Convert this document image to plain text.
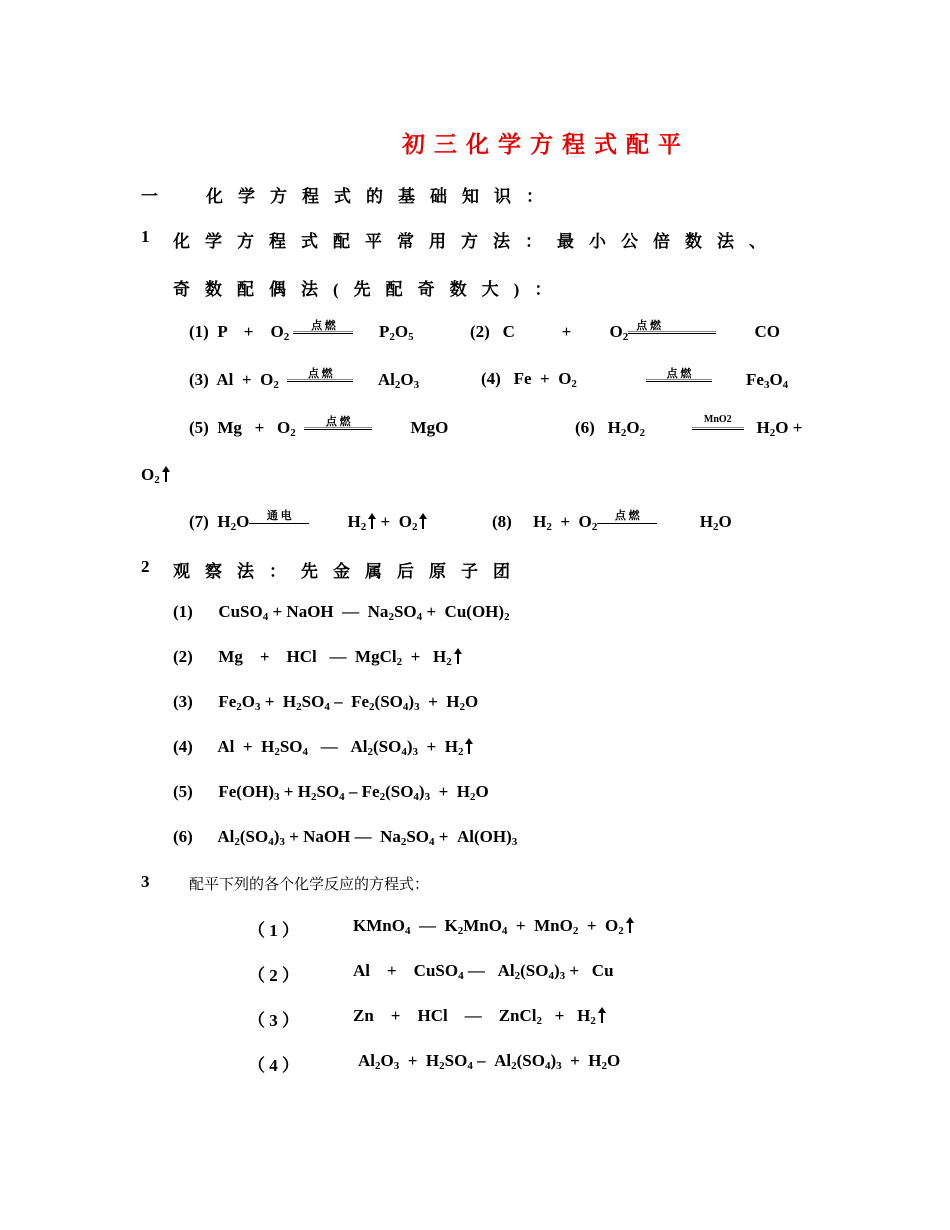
初三化学方程式配平
一 化学方程式的基础知识：
1 化学方程式配平常用方法：最小公倍数法、
奇数配偶法(先配奇数大)：
(1)  P    +    $O_2$
点 燃	$P_2O_5$	(2)   C           +         $O_2$
点 燃	CO
(3)  $Al + O_2$
点 燃	$Al_2O_3$	(4)   $Fe + O_2$
点 燃	$Fe_3O_4$
(5)  $Mg + O_2$
点 燃	MgO	(6)   $H_2O_2$
MnO2 $H_2O$ +
$O_2$
(7)  $H_2O$	通 电	$H_2 + O_2$	(8)     $H_2 + O_2$
点 燃	$H_2O$
2 观察法：先金属后原子团
(1)      CuSO$_4$ + NaOH  —  $Na_2SO_4 + Cu(OH)_2$
(2)      Mg    +    HCl   —  MgCl$_2$  +   $H_2$
(3)      $Fe_2O_3 + H_2SO_4 - Fe_2(SO_4)_3 + H_2O$
(4)      $Al + H_2SO_4$   —   $Al_2(SO_4)_3 + H_2$
(5)      $Fe(OH)_3 + H_2SO_4 - Fe_2(SO_4)_3 + H_2O$
(6)      $Al_2(SO_4)_3$ + NaOH —  $Na_2SO_4 + Al(OH)_3$
3	配平下列的各个化学反应的方程式：
（ 1 ）	KMnO$_4$  —  $K_2MnO_4 + MnO_2 + O_2$
（ 2 ）	Al    +    CuSO$_4$ —   $Al_2(SO_4)_3 + Cu$
（ 3 ）	Zn    +    HCl    —    ZnCl$_2$   +   $H_2$
（ 4 ）	$Al_2O_3 + H_2SO_4 - Al_2(SO_4)_3 + H_2O$
